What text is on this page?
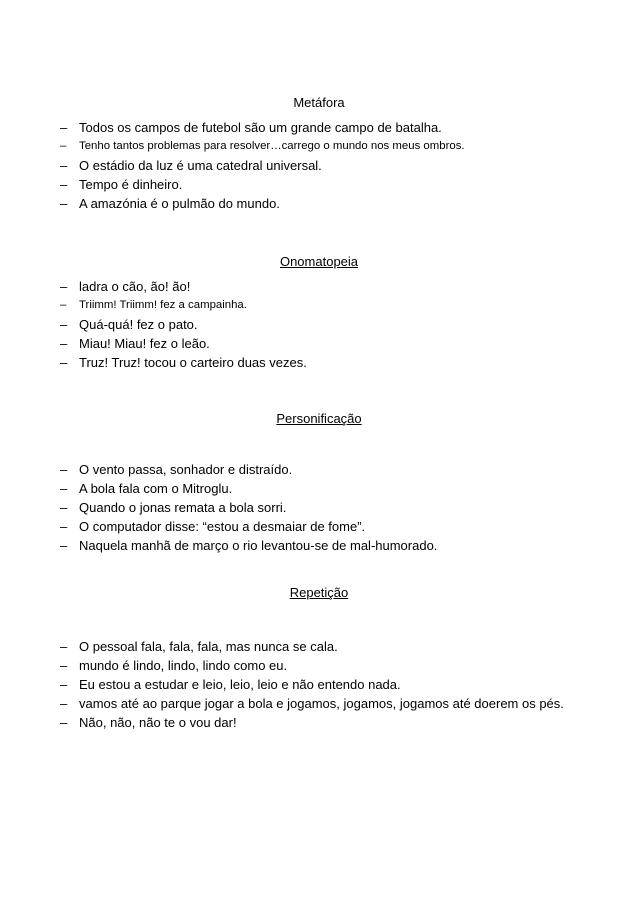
Metáfora
– Todos os campos de futebol são um grande campo de batalha.
– Tenho tantos problemas para resolver…carrego o mundo nos meus ombros.
– O estádio da luz é uma catedral universal.
– Tempo é dinheiro.
– A amazónia é o pulmão do mundo.
Onomatopeia
– ladra o cão, ão! ão!
– Triimm! Triimm! fez a campainha.
– Quá-quá! fez o pato.
– Miau! Miau! fez o leão.
– Truz! Truz! tocou o carteiro duas vezes.
Personificação
– O vento passa, sonhador e distraído.
– A bola fala com o Mitroglu.
– Quando o jonas remata a bola sorri.
– O computador disse: “estou a desmaiar de fome”.
– Naquela manhã de março o rio levantou-se de mal-humorado.
Repetição
– O pessoal fala, fala, fala, mas nunca se cala.
– mundo é lindo, lindo, lindo como eu.
– Eu estou a estudar e leio, leio, leio e não entendo nada.
– vamos até ao parque jogar a bola e jogamos, jogamos, jogamos até doerem os pés.
– Não, não, não te o vou dar!
